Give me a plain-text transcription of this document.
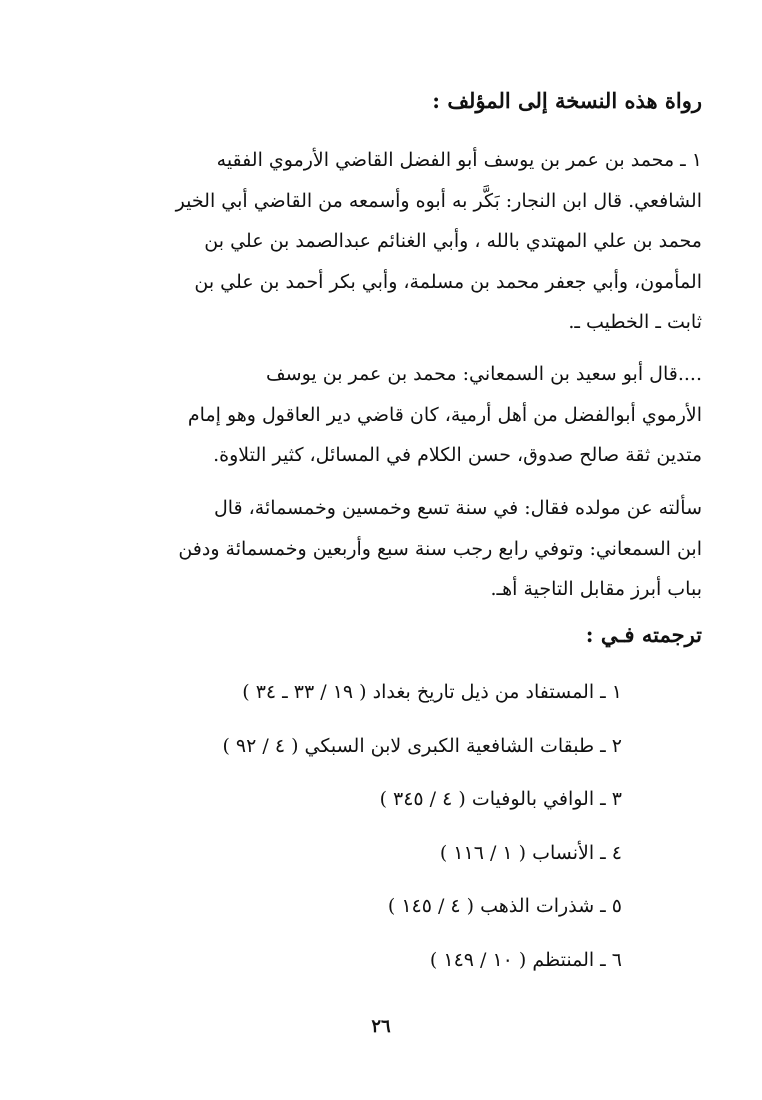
رواة هذه النسخة إلى المؤلف :
١ ـ محمد بن عمر بن يوسف أبو الفضل القاضي الأرموي الفقيه
الشافعي. قال ابن النجار: بَكَّر به أبوه وأسمعه من القاضي أبي الخير
محمد بن علي المهتدي بالله ، وأبي الغنائم عبدالصمد بن علي بن
المأمون، وأبي جعفر محمد بن مسلمة، وأبي بكر أحمد بن علي بن
ثابت ـ الخطيب ـ.
....قال أبو سعيد بن السمعاني: محمد بن عمر بن يوسف
الأرموي أبوالفضل من أهل أرمية، كان قاضي دير العاقول وهو إمام
متدين ثقة صالح صدوق، حسن الكلام في المسائل، كثير التلاوة.
سألته عن مولده فقال: في سنة تسع وخمسين وخمسمائة، قال
ابن السمعاني: وتوفي رابع رجب سنة سبع وأربعين وخمسمائة ودفن
بباب أبرز مقابل التاجية أهـ.
ترجمته فـي :
١ ـ المستفاد من ذيل تاريخ بغداد ( ١٩ / ٣٣ ـ ٣٤ )
٢ ـ طبقات الشافعية الكبرى لابن السبكي ( ٤ / ٩٢ )
٣ ـ الوافي بالوفيات ( ٤ / ٣٤٥ )
٤ ـ الأنساب ( ١ / ١١٦ )
٥ ـ شذرات الذهب ( ٤ / ١٤٥ )
٦ ـ المنتظم ( ١٠ / ١٤٩ )
٢٦
